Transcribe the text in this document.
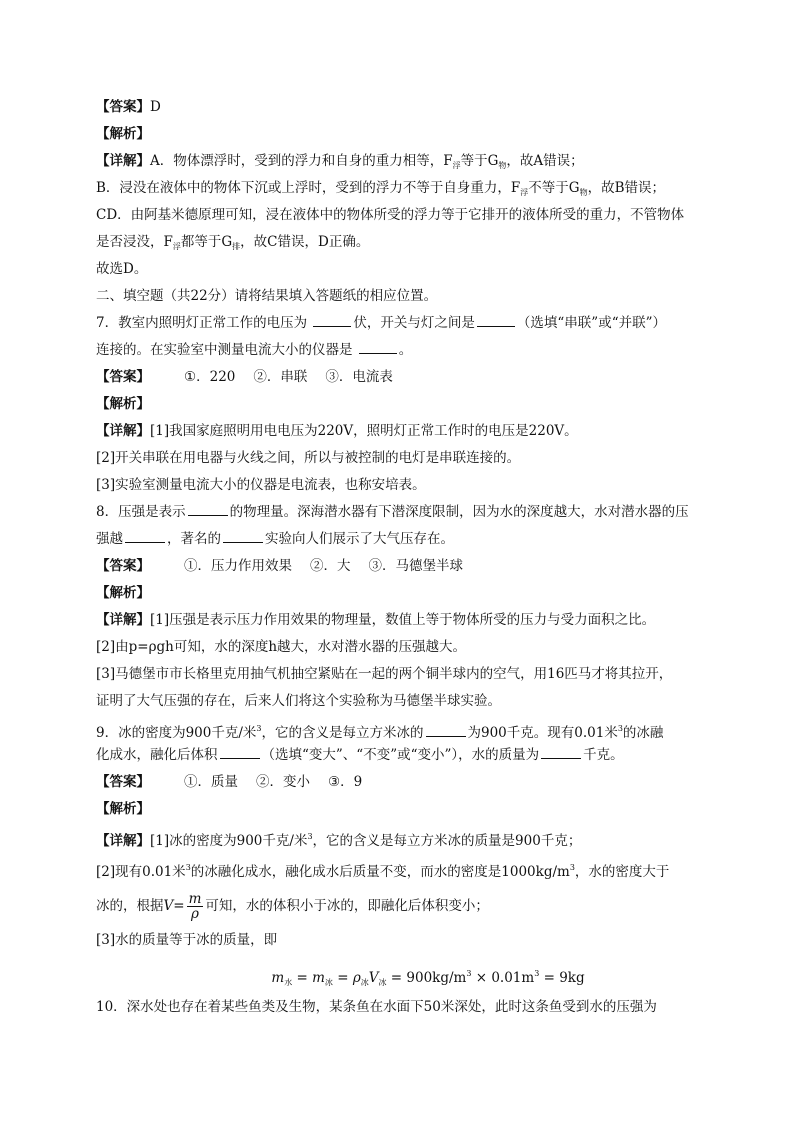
【答案】D
【解析】
【详解】A．物体漂浮时，受到的浮力和自身的重力相等，$F_浮$等于$G_物$，故A错误；
B．浸没在液体中的物体下沉或上浮时，受到的浮力不等于自身重力，$F_浮$不等于$G_物$，故B错误；
CD．由阿基米德原理可知，浸在液体中的物体所受的浮力等于它排开的液体所受的重力，不管物体
是否浸没，$F_浮$都等于$G_排$，故C错误，D正确。
故选D。
二、填空题（共22分）请将结果填入答题纸的相应位置。
7．教室内照明灯正常工作的电压为	伏，开关与灯之间是	（选填“串联”或“并联”）
连接的。在实验室中测量电流大小的仪器是	。
【答案】	①．220 ②．串联 ③．电流表
【解析】
【详解】[1]我国家庭照明用电电压为220V，照明灯正常工作时的电压是220V。
[2]开关串联在用电器与火线之间，所以与被控制的电灯是串联连接的。
[3]实验室测量电流大小的仪器是电流表，也称安培表。
8．压强是表示	的物理量。深海潜水器有下潜深度限制，因为水的深度越大，水对潜水器的压
强越	，著名的	实验向人们展示了大气压存在。
【答案】	①．压力作用效果 ②．大 ③．马德堡半球
【解析】
【详解】[1]压强是表示压力作用效果的物理量，数值上等于物体所受的压力与受力面积之比。
[2]由p=ρgh可知，水的深度h越大，水对潜水器的压强越大。
[3]马德堡市市长格里克用抽气机抽空紧贴在一起的两个铜半球内的空气，用16匹马才将其拉开，
证明了大气压强的存在，后来人们将这个实验称为马德堡半球实验。
9．冰的密度为900千克/米$^3$，它的含义是每立方米冰的	为900千克。现有0.01米$^3$的冰融
化成水，融化后体积	（选填“变大”、“不变”或“变小”），水的质量为	千克。
【答案】	①．质量 ②．变小 ③．9
【解析】
【详解】[1]冰的密度为900千克/米$^3$，它的含义是每立方米冰的质量是900千克；
[2]现有0.01米$^3$的冰融化成水，融化成水后质量不变，而水的密度是$1000kg/m^3$，水的密度大于
冰的，根据$V= \frac{m}{\rho}$ 可知，水的体积小于冰的，即融化后体积变小；
[3]水的质量等于冰的质量，即
$m_水 = m_冰 = \rho_冰V_冰 = 900kg/m^3 \times 0.01m^3 = 9kg$
10．深水处也存在着某些鱼类及生物，某条鱼在水面下50米深处，此时这条鱼受到水的压强为
